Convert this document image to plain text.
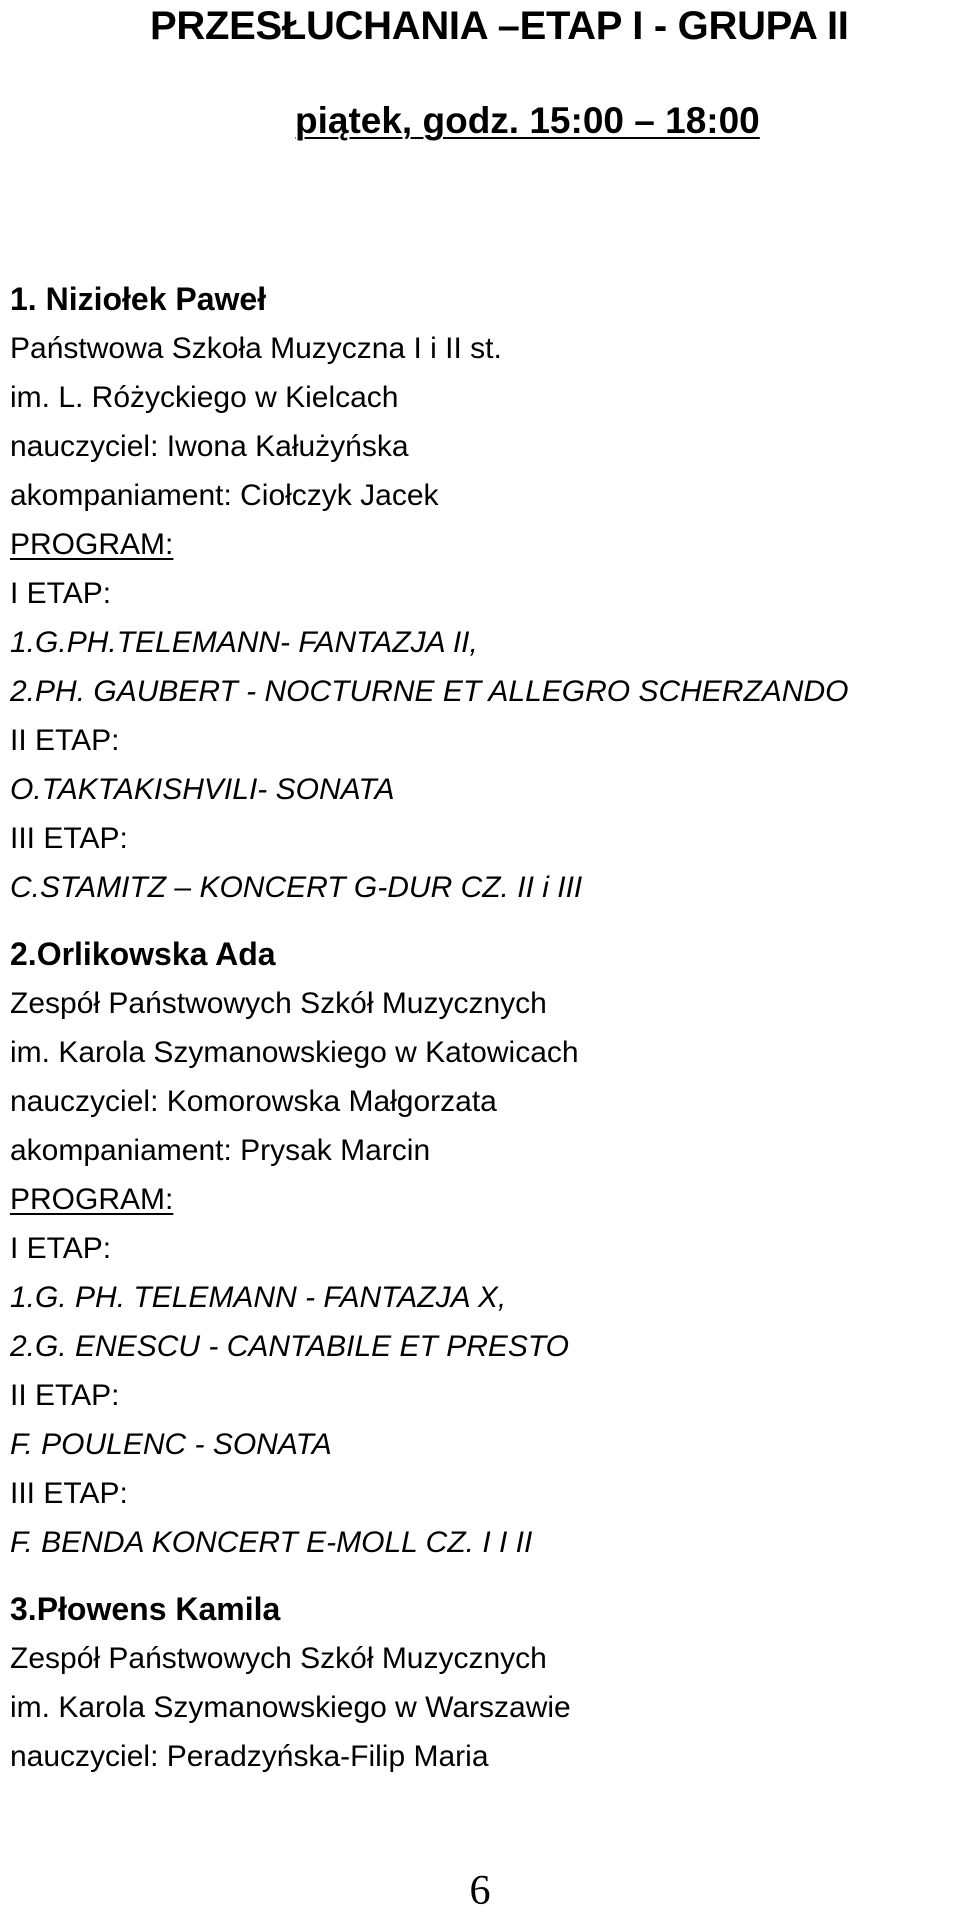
PRZESŁUCHANIA –ETAP I - GRUPA II
piątek, godz. 15:00 – 18:00
1. Niziołek Paweł
Państwowa Szkoła Muzyczna I i II st.
im. L. Różyckiego w Kielcach
nauczyciel: Iwona Kałużyńska
akompaniament: Ciołczyk Jacek
PROGRAM:
I ETAP:
1.G.PH.TELEMANN- FANTAZJA II,
2.PH. GAUBERT - NOCTURNE ET ALLEGRO SCHERZANDO
II ETAP:
O.TAKTAKISHVILI- SONATA
III ETAP:
C.STAMITZ – KONCERT G-DUR CZ. II i III
2.Orlikowska Ada
Zespół Państwowych Szkół Muzycznych
im. Karola Szymanowskiego w Katowicach
nauczyciel: Komorowska Małgorzata
akompaniament: Prysak Marcin
PROGRAM:
I ETAP:
1.G. PH. TELEMANN - FANTAZJA X,
2.G. ENESCU - CANTABILE ET PRESTO
II ETAP:
F. POULENC - SONATA
III ETAP:
F. BENDA KONCERT E-MOLL CZ. I I II
3.Płowens Kamila
Zespół Państwowych Szkół Muzycznych
im. Karola Szymanowskiego w Warszawie
nauczyciel: Peradzyńska-Filip Maria
6
